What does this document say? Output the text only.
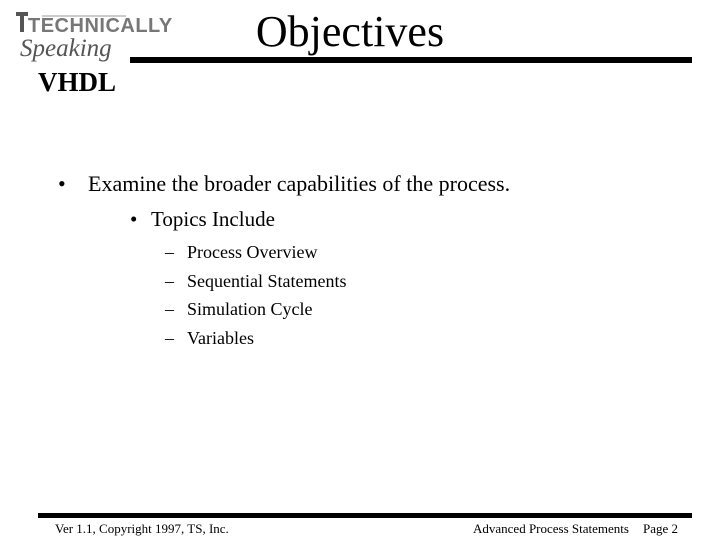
TECHNICALLY
Speaking	Objectives
VHDL
• Examine the broader capabilities of the process.
• Topics Include
– Process Overview
– Sequential Statements
– Simulation Cycle
– Variables
Ver 1.1, Copyright 1997, TS, Inc.	Advanced Process Statements Page 2
